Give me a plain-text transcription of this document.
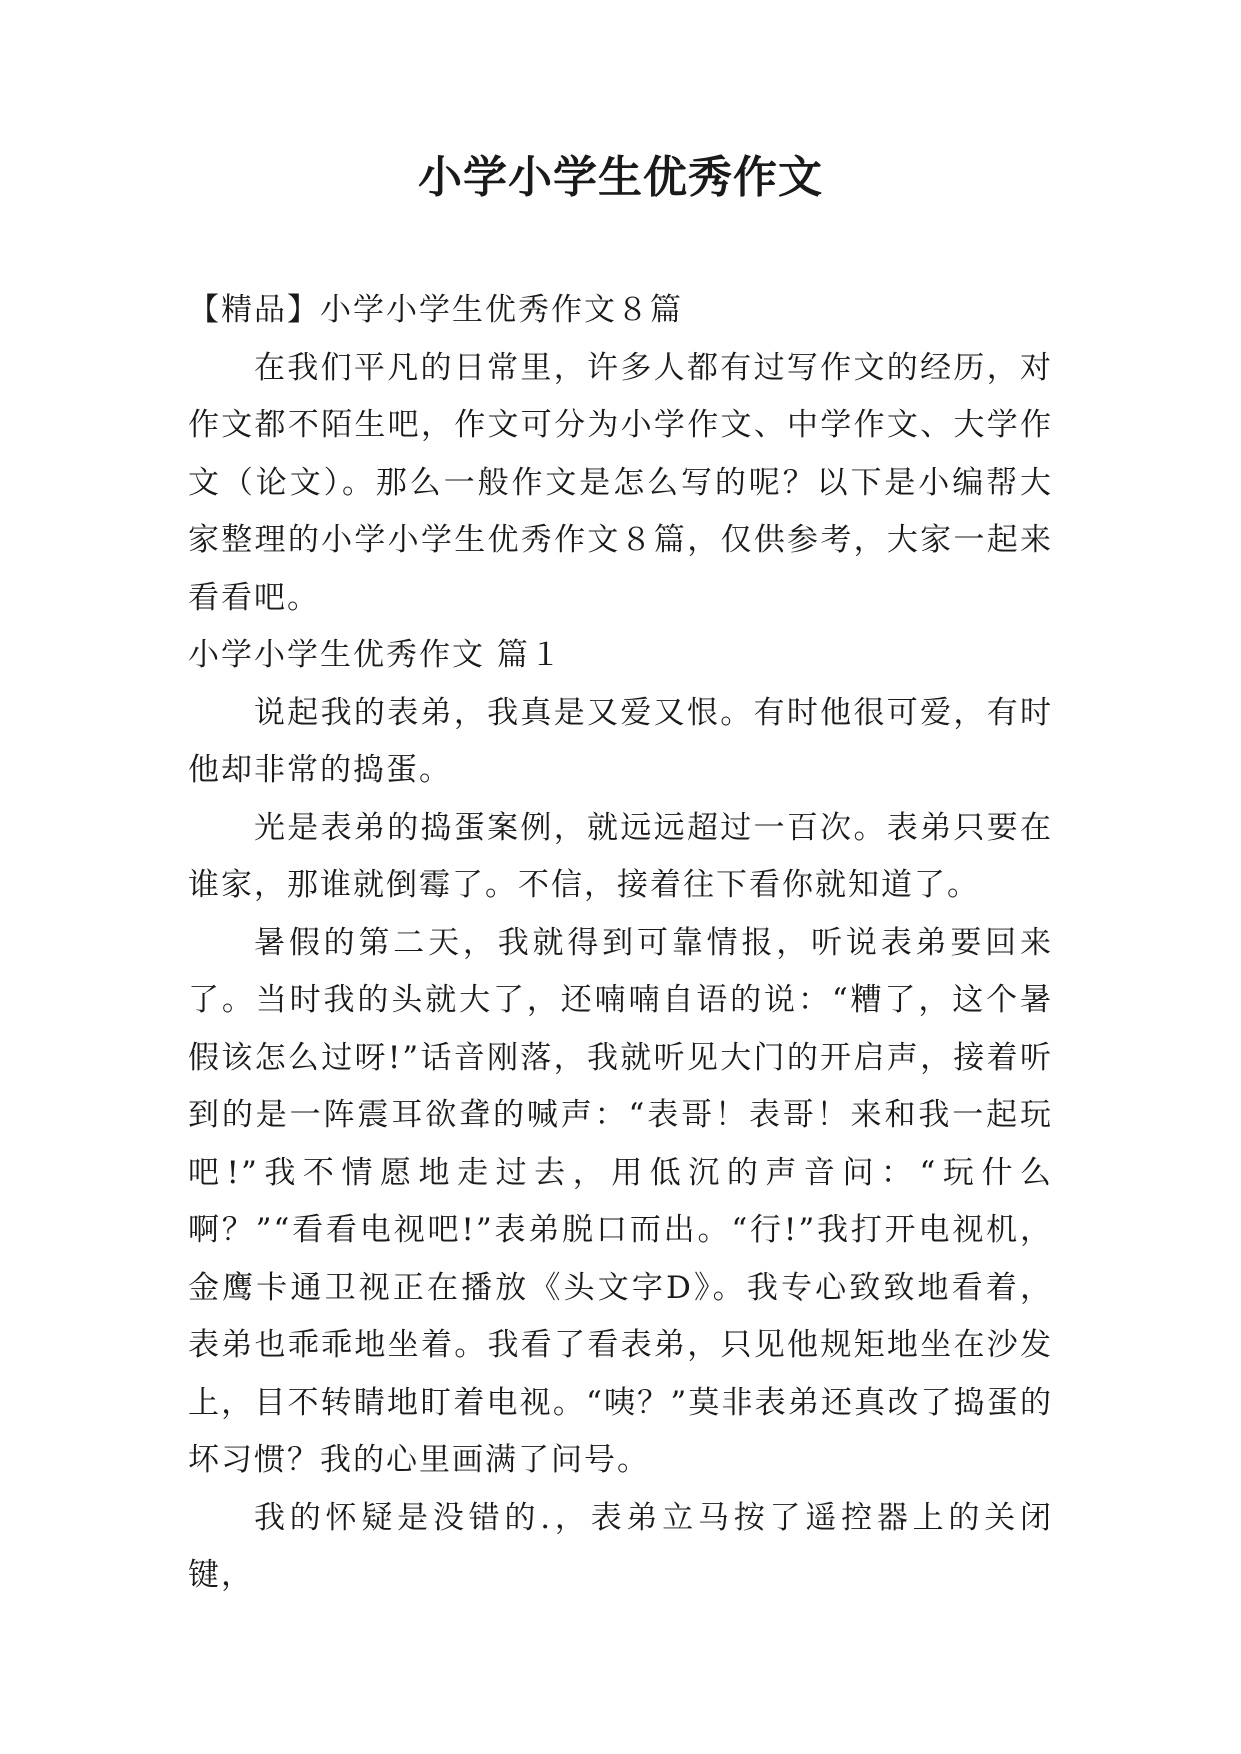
小学小学生优秀作文

【精品】小学小学生优秀作文８篇

在我们平凡的日常里，许多人都有过写作文的经历，对作文都不陌生吧，作文可分为小学作文、中学作文、大学作文（论文）。那么一般作文是怎么写的呢？以下是小编帮大家整理的小学小学生优秀作文８篇，仅供参考，大家一起来看看吧。

小学小学生优秀作文 篇１

说起我的表弟，我真是又爱又恨。有时他很可爱，有时他却非常的捣蛋。

光是表弟的捣蛋案例，就远远超过一百次。表弟只要在谁家，那谁就倒霉了。不信，接着往下看你就知道了。

暑假的第二天，我就得到可靠情报，听说表弟要回来了。当时我的头就大了，还喃喃自语的说：“糟了，这个暑假该怎么过呀!”话音刚落，我就听见大门的开启声，接着听到的是一阵震耳欲聋的喊声：“表哥！表哥！来和我一起玩吧!”我不情愿地走过去，用低沉的声音问：“玩什么啊？”“看看电视吧!”表弟脱口而出。“行!”我打开电视机，金鹰卡通卫视正在播放《头文字D》。我专心致致地看着，表弟也乖乖地坐着。我看了看表弟，只见他规矩地坐在沙发上，目不转睛地盯着电视。“咦？”莫非表弟还真改了捣蛋的坏习惯？我的心里画满了问号。

我的怀疑是没错的.，表弟立马按了遥控器上的关闭键，
